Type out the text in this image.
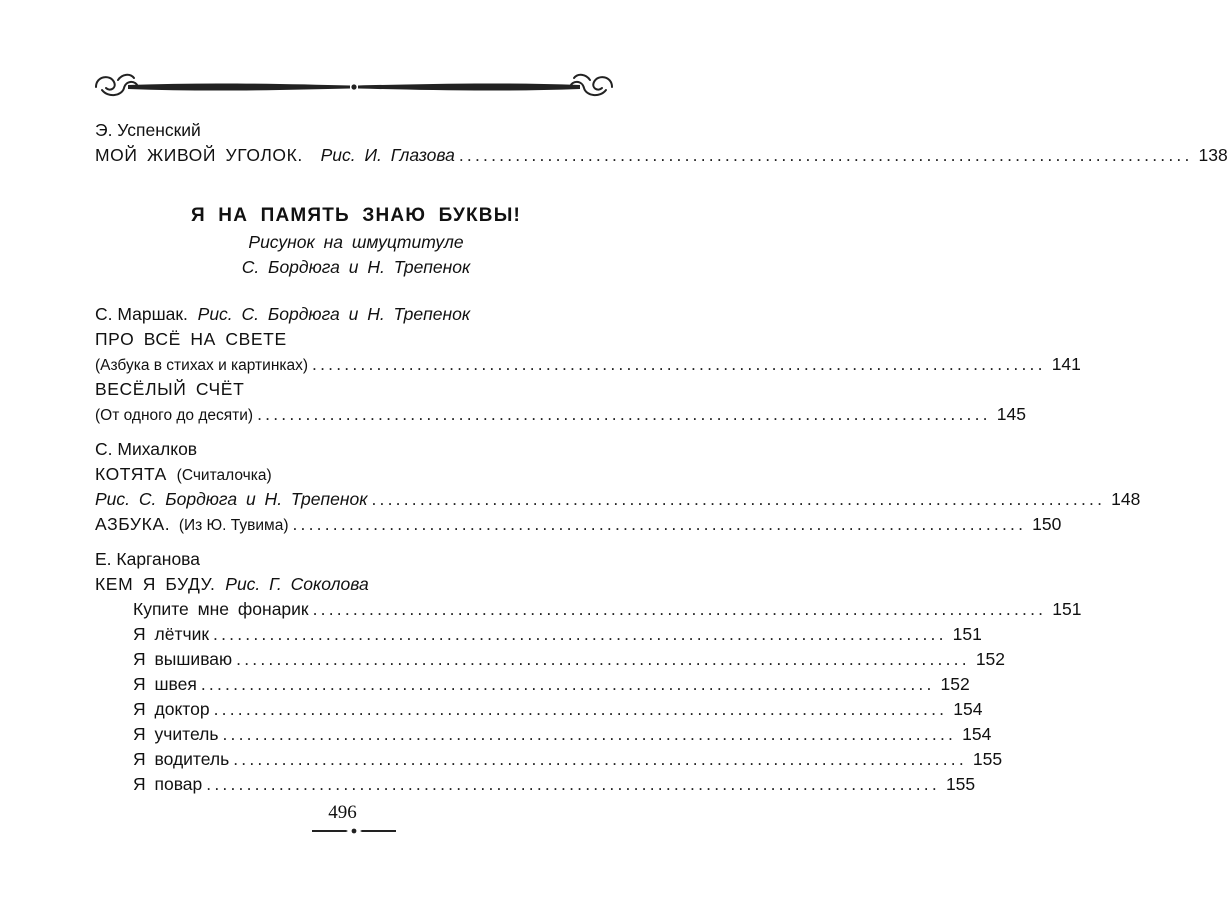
Э. Успенский
МОЙ ЖИВОЙ УГОЛОК.	Рис. И. Глазова ........................................................................................... 138
Я НА ПАМЯТЬ ЗНАЮ БУКВЫ!
Рисунок на шмуцтитуле
С. Бордюга и Н. Трепенок
С. Маршак. Рис. С. Бордюга и Н. Трепенок
ПРО ВСЁ НА СВЕТЕ
(Азбука в стихах и картинках) ........................................................................................... 141
ВЕСЁЛЫЙ СЧЁТ
(От одного до десяти) ........................................................................................... 145
С. Михалков
КОТЯТА (Считалочка)
Рис. С. Бордюга и Н. Трепенок ........................................................................................... 148
АЗБУКА. (Из Ю. Тувима) ........................................................................................... 150
Е. Карганова
КЕМ Я БУДУ. Рис. Г. Соколова
Купите мне фонарик ........................................................................................... 151
Я лётчик ........................................................................................... 151
Я вышиваю ........................................................................................... 152
Я швея ........................................................................................... 152
Я доктор ........................................................................................... 154
Я учитель ........................................................................................... 154
Я водитель ........................................................................................... 155
Я повар ........................................................................................... 155
496
